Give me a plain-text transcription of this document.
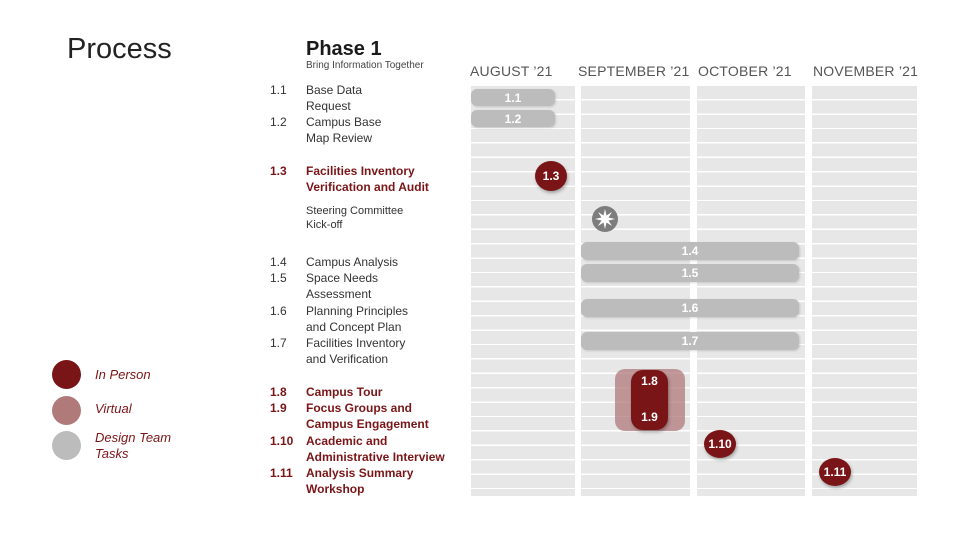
Process	Phase 1
Bring Information Together	AUGUST ’21 SEPTEMBER ’21 OCTOBER ’21 NOVEMBER ’21
1.1	Base Data Request
1.2	Campus Base Map Review
1.3	Facilities Inventory Verification and Audit
Steering Committee Kick-off
1.4	Campus Analysis
1.5	Space Needs Assessment
1.6	Planning Principles and Concept Plan
1.7	Facilities Inventory and Verification
1.8	Campus Tour
1.9	Focus Groups and Campus Engagement
1.10	Academic and Administrative Interview
1.11	Analysis Summary Workshop
1.1
1.2
1.3
1.4
1.5
1.6
1.7
1.8
1.9
1.10
1.11
In Person
Virtual
Design Team Tasks
